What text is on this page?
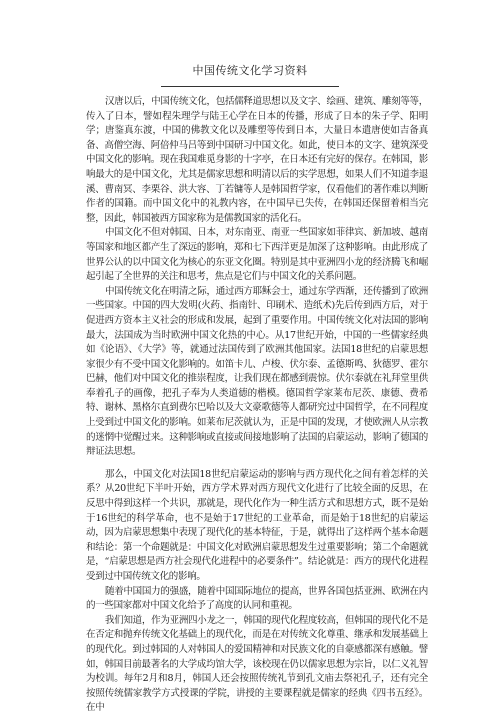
中国传统文化学习资料

汉唐以后，中国传统文化，包括儒释道思想以及文字、绘画、建筑、雕刻等等，传入了日本，譬如程朱理学与陆王心学在日本的传播，形成了日本的朱子学、阳明学；唐鉴真东渡，中国的佛教文化以及雕塑等传到日本，大量日本遣唐使如吉备真备、高僧空海、阿倍仲马吕等到中国研习中国文化。如此，使日本的文字、建筑深受中国文化的影响。现在我国难觅身影的十字亭，在日本还有完好的保存。在韩国，影响最大的是中国文化，尤其是儒家思想和明清以后的实学思想，如果人们不知道李退溪、曹南冥、李栗谷、洪大容、丁若镛等人是韩国哲学家，仅看他们的著作难以判断作者的国籍。而中国文化中的礼教内容，在中国早已失传，在韩国还保留着相当完整，因此，韩国被西方国家称为是儒教国家的活化石。

中国文化不但对韩国、日本，对东南亚、南亚一些国家如菲律宾、新加坡、越南等国家和地区都产生了深远的影响，郑和七下西洋更是加深了这种影响。由此形成了世界公认的以中国文化为核心的东亚文化圈。特别是其中亚洲四小龙的经济腾飞和崛起引起了全世界的关注和思考，焦点是它们与中国文化的关系问题。

中国传统文化在明清之际，通过西方耶稣会士，通过东学西渐，还传播到了欧洲一些国家。中国的四大发明(火药、指南针、印刷术、造纸术)先后传到西方后，对于促进西方资本主义社会的形成和发展，起到了重要作用。中国传统文化对法国的影响最大，法国成为当时欧洲中国文化热的中心。从17世纪开始，中国的一些儒家经典如《论语》、《大学》等，就通过法国传到了欧洲其他国家。法国18世纪的启蒙思想家很少有不受中国文化影响的。如笛卡儿、卢梭、伏尔泰、孟德斯鸣、狄德罗、霍尔巴赫，他们对中国文化的推崇程度，让我们现在都感到震惊。伏尔泰就在礼拜堂里供奉着孔子的画像，把孔子奉为人类道德的楷模。德国哲学家莱布尼茨、康德、费希特、谢林、黑格尔直到费尔巴哈以及大文豪歌德等人都研究过中国哲学，在不同程度上受到过中国文化的影响。如莱布尼茨就认为，正是中国的发现，才使欧洲人从宗教的迷惘中觉醒过来。这种影响或直接或间接地影响了法国的启蒙运动，影响了德国的辩证法思想。

那么，中国文化对法国18世纪启蒙运动的影响与西方现代化之间有着怎样的关系？从20世纪下半叶开始，西方学术界对西方现代文化进行了比较全面的反思，在反思中得到这样一个共识，那就是，现代化作为一种生活方式和思想方式，既不是始于16世纪的科学革命，也不是始于17世纪的工业革命，而是始于18世纪的启蒙运动，因为启蒙思想集中表现了现代化的基本特征，于是，就得出了这样两个基本命题和结论：第一个命题就是：中国文化对欧洲启蒙思想发生过重要影响；第二个命题就是，“启蒙思想是西方社会现代化进程中的必要条件”。结论就是：西方的现代化进程受到过中国传统文化的影响。

随着中国国力的强盛，随着中国国际地位的提高，世界各国包括亚洲、欧洲在内的一些国家都对中国文化给予了高度的认同和重视。

我们知道，作为亚洲四小龙之一，韩国的现代化程度较高，但韩国的现代化不是在否定和抛弃传统文化基础上的现代化，而是在对传统文化尊重、继承和发展基础上的现代化。到过韩国的人对韩国人的爱国精神和对民族文化的自豪感都深有感触。譬如，韩国目前最著名的大学成均馆大学，该校现在仍以儒家思想为宗旨，以仁义礼智为校训。每年2月和8月，韩国人还会按照传统礼节到孔文庙去祭祀孔子，还有完全按照传统儒家教学方式授课的学院，讲授的主要课程就是儒家的经典《四书五经》。在中
